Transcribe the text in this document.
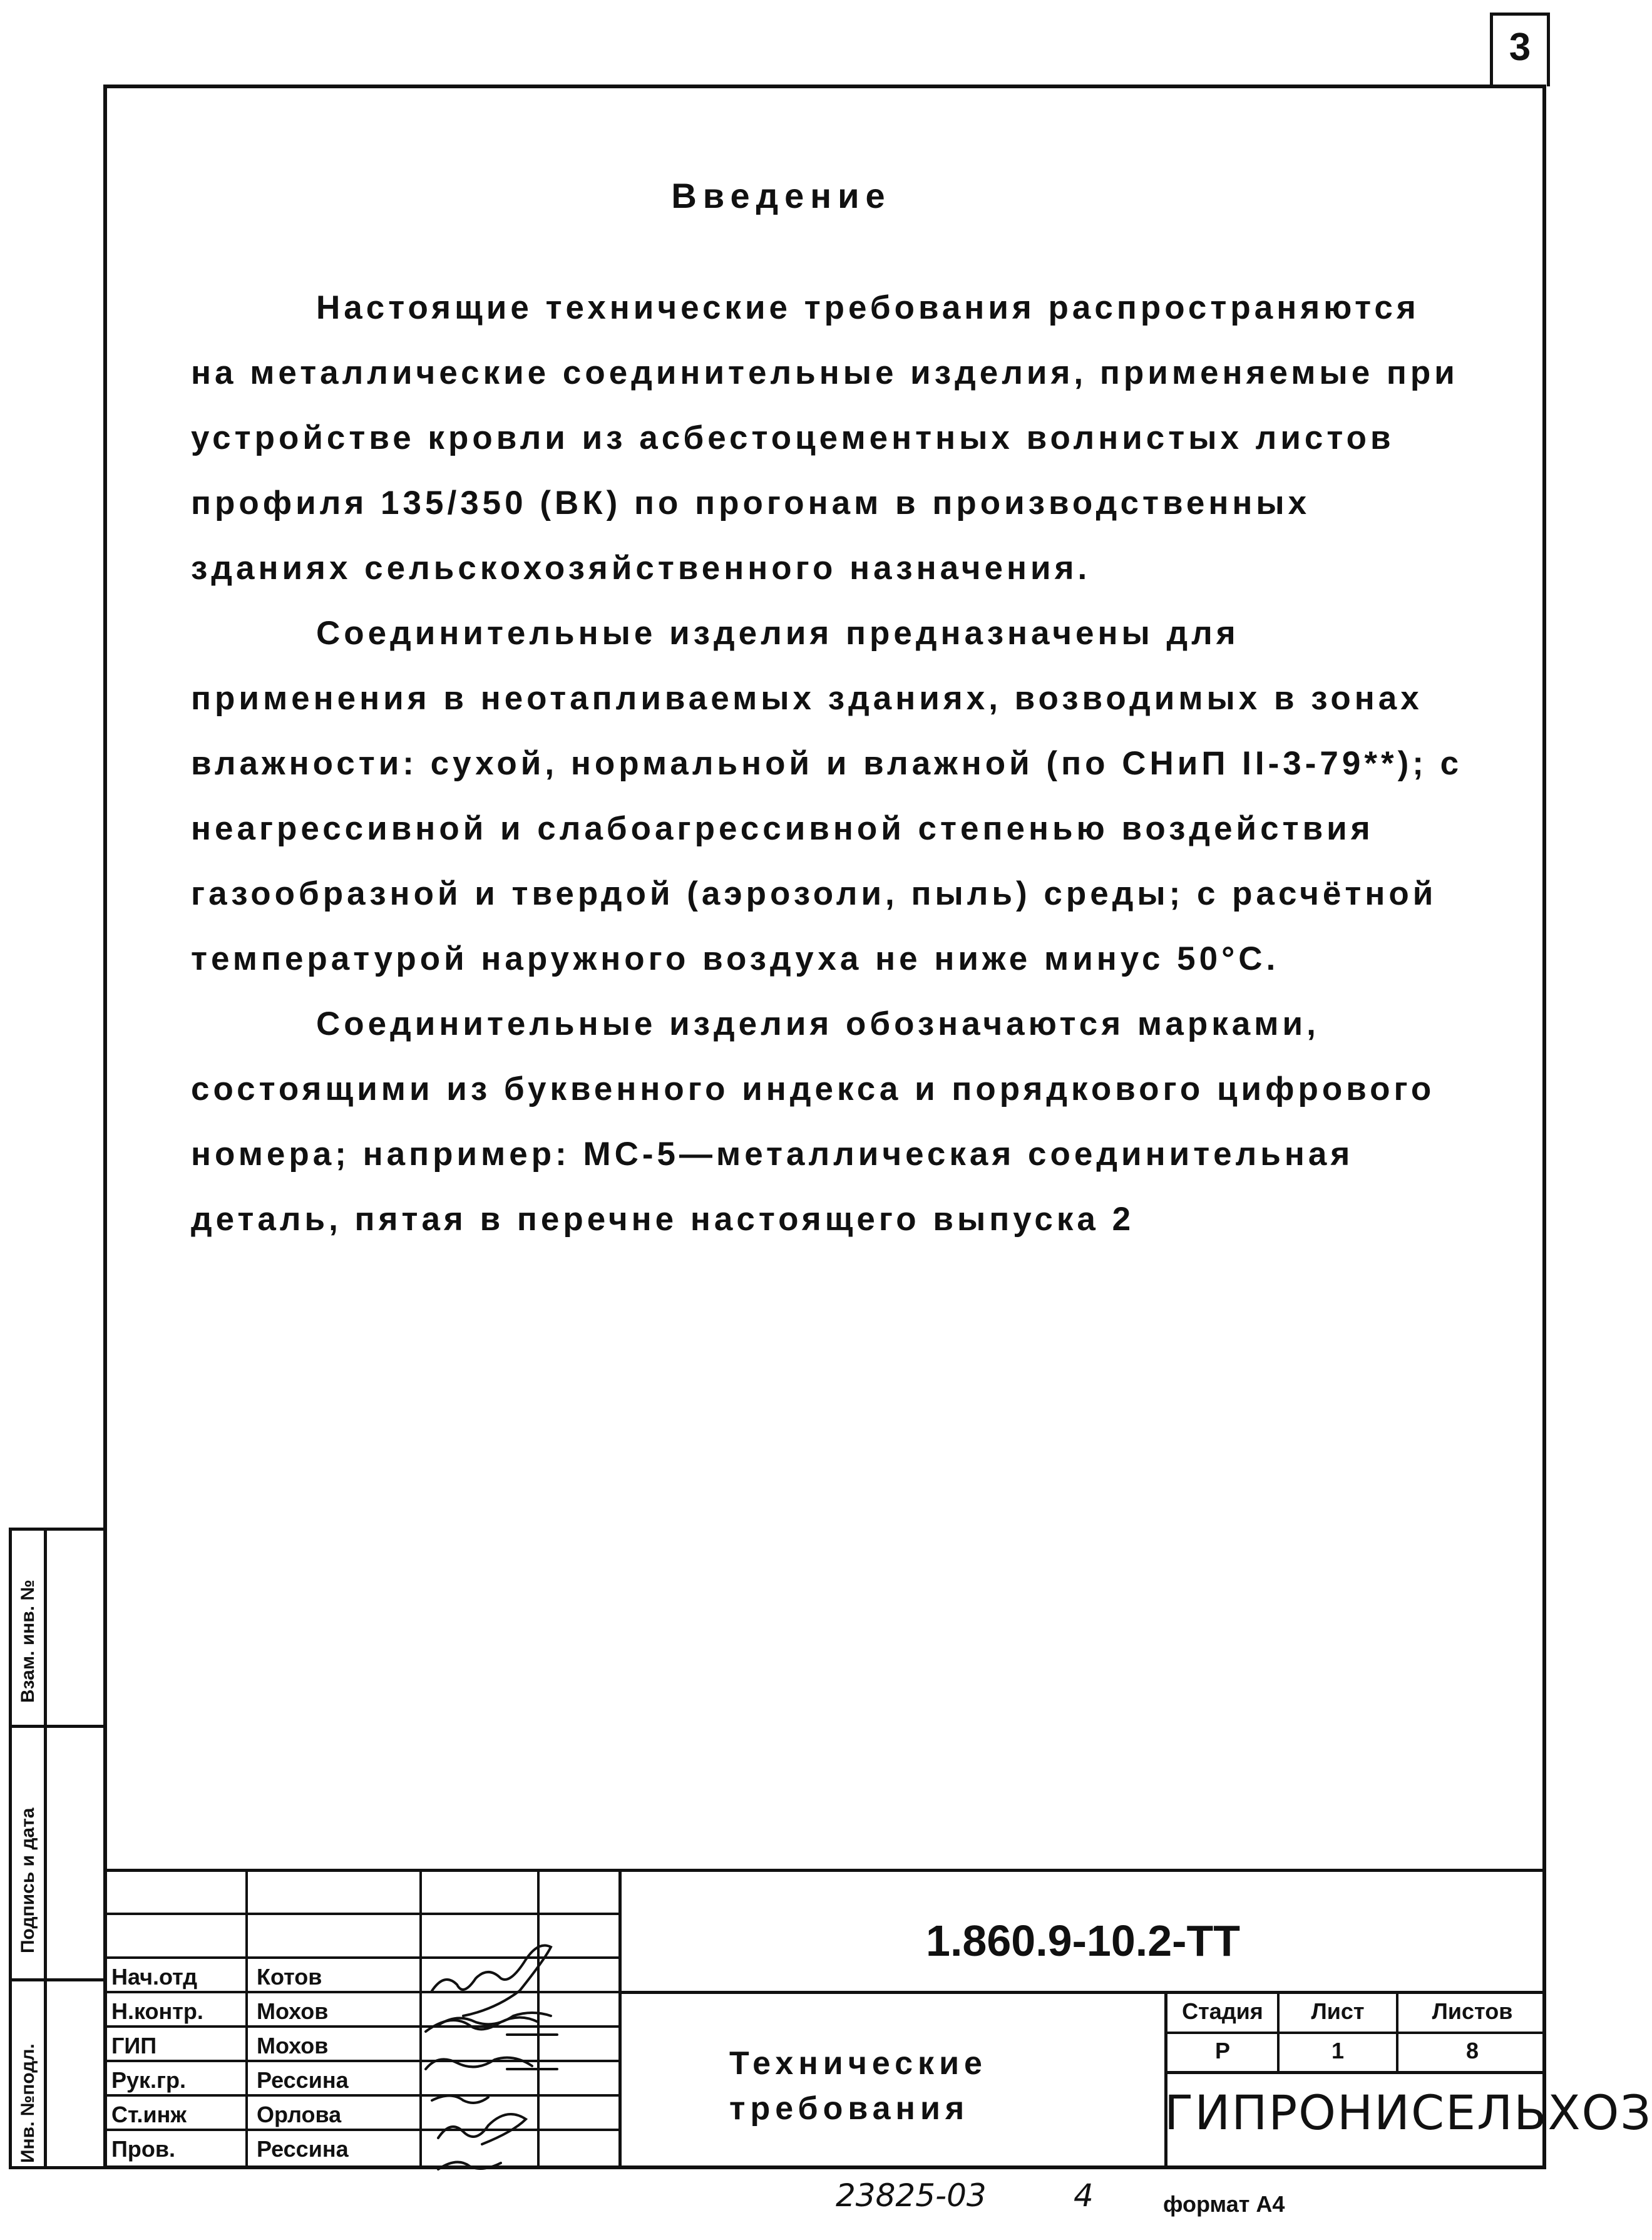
3
Введение

Настоящие технические требования распространяются на металлические соединительные изделия, применяемые при устройстве кровли из асбестоцементных волнистых листов профиля 135/350 (ВК) по прогонам в производственных зданиях сельскохозяйственного назначения.

Соединительные изделия предназначены для применения в неотапливаемых зданиях, возводимых в зонах влажности: сухой, нормальной и влажной (по СНиП II-3-79**); с неагрессивной и слабоагрессивной степенью воздействия газообразной и твердой (аэрозоли, пыль) среды; с расчётной температурой наружного воздуха не ниже минус 50°С.

Соединительные изделия обозначаются марками, состоящими из буквенного индекса и порядкового цифрового номера; например: МС-5—металлическая соединительная деталь, пятая в перечне настоящего выпуска 2

Взам. инв. №
Подпись и дата
Инв. №подл.
Нач.отд	Котов
Н.контр. Мохов
ГИП	Мохов
Рук.гр.	Рессина
Ст.инж	Орлова
Пров.	Рессина
1.860.9-10.2-ТТ
Технические
требования
Стадия	Лист	Листов
Р	1	8
ГИПРОНИСЕЛЬХОЗ
23825-03	4	формат А4
